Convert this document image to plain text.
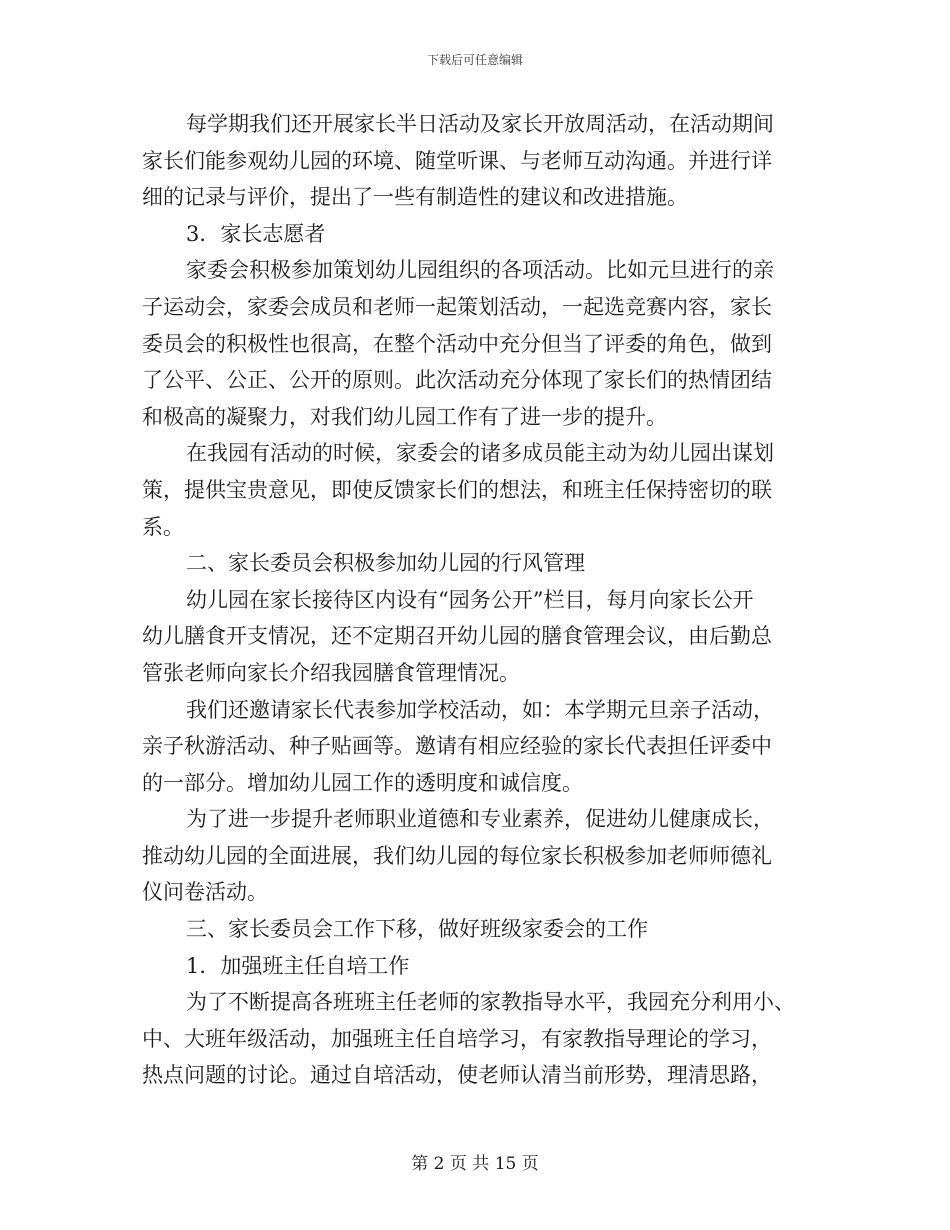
下载后可任意编辑
每学期我们还开展家长半日活动及家长开放周活动，在活动期间
家长们能参观幼儿园的环境、随堂听课、与老师互动沟通。并进行详
细的记录与评价，提出了一些有制造性的建议和改进措施。
3．家长志愿者
家委会积极参加策划幼儿园组织的各项活动。比如元旦进行的亲
子运动会，家委会成员和老师一起策划活动，一起选竞赛内容，家长
委员会的积极性也很高，在整个活动中充分但当了评委的角色，做到
了公平、公正、公开的原则。此次活动充分体现了家长们的热情团结
和极高的凝聚力，对我们幼儿园工作有了进一步的提升。
在我园有活动的时候，家委会的诸多成员能主动为幼儿园出谋划
策，提供宝贵意见，即使反馈家长们的想法，和班主任保持密切的联
系。
二、家长委员会积极参加幼儿园的行风管理
幼儿园在家长接待区内设有“园务公开”栏目，每月向家长公开
幼儿膳食开支情况，还不定期召开幼儿园的膳食管理会议，由后勤总
管张老师向家长介绍我园膳食管理情况。
我们还邀请家长代表参加学校活动，如：本学期元旦亲子活动，
亲子秋游活动、种子贴画等。邀请有相应经验的家长代表担任评委中
的一部分。增加幼儿园工作的透明度和诚信度。
为了进一步提升老师职业道德和专业素养，促进幼儿健康成长，
推动幼儿园的全面进展，我们幼儿园的每位家长积极参加老师师德礼
仪问卷活动。
三、家长委员会工作下移，做好班级家委会的工作
1．加强班主任自培工作
为了不断提高各班班主任老师的家教指导水平，我园充分利用小、
中、大班年级活动，加强班主任自培学习，有家教指导理论的学习，
热点问题的讨论。通过自培活动，使老师认清当前形势，理清思路，
第 2 页 共 15 页
